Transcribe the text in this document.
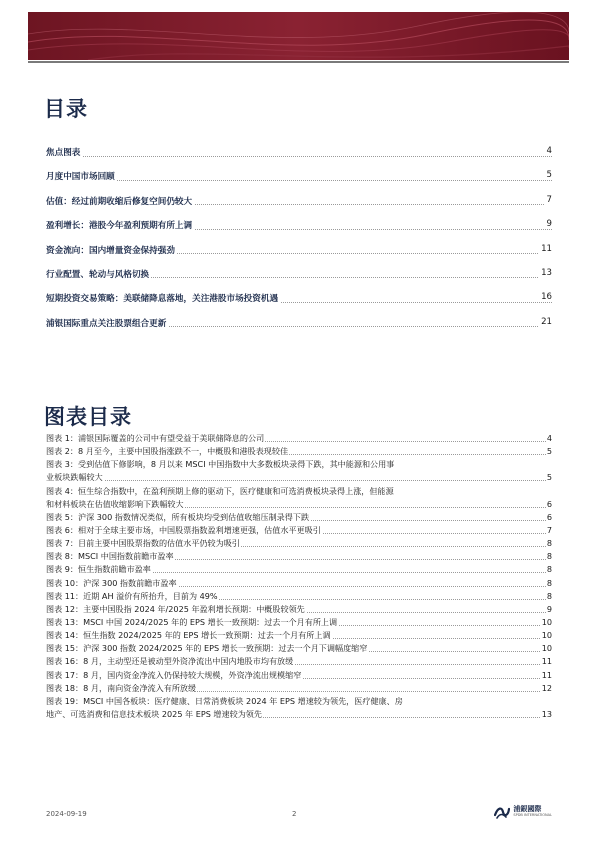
目录
焦点图表	4
月度中国市场回顾	5
估值：经过前期收缩后修复空间仍较大	7
盈利增长：港股今年盈利预期有所上调	9
资金流向：国内增量资金保持强劲	11
行业配置、轮动与风格切换	13
短期投资交易策略：美联储降息落地，关注港股市场投资机遇	16
浦银国际重点关注股票组合更新	21
图表目录
图表 1：浦银国际覆盖的公司中有望受益于美联储降息的公司	4
图表 2：8 月至今，主要中国股指涨跌不一，中概股和港股表现较佳	5
图表 3：受到估值下修影响，8 月以来 MSCI 中国指数中大多数板块录得下跌，其中能源和公用事
业板块跌幅较大	5
图表 4：恒生综合指数中，在盈利预期上修的驱动下，医疗健康和可选消费板块录得上涨，但能源
和材料板块在估值收缩影响下跌幅较大	6
图表 5：沪深 300 指数情况类似，所有板块均受到估值收缩压制录得下跌	6
图表 6：相对于全球主要市场，中国股票指数盈利增速更强，估值水平更吸引	7
图表 7：目前主要中国股票指数的估值水平仍较为吸引	8
图表 8：MSCI 中国指数前瞻市盈率	8
图表 9：恒生指数前瞻市盈率	8
图表 10：沪深 300 指数前瞻市盈率	8
图表 11：近期 AH 溢价有所抬升，目前为 49%	8
图表 12：主要中国股指 2024 年/2025 年盈利增长预期：中概股较领先	9
图表 13：MSCI 中国 2024/2025 年的 EPS 增长一致预期：过去一个月有所上调	10
图表 14：恒生指数 2024/2025 年的 EPS 增长一致预期：过去一个月有所上调	10
图表 15：沪深 300 指数 2024/2025 年的 EPS 增长一致预期：过去一个月下调幅度缩窄	10
图表 16：8 月，主动型还是被动型外资净流出中国内地股市均有放缓	11
图表 17：8 月，国内资金净流入仍保持较大规模，外资净流出规模缩窄	11
图表 18：8 月，南向资金净流入有所放缓	12
图表 19：MSCI 中国各板块：医疗健康、日常消费板块 2024 年 EPS 增速较为领先，医疗健康、房
地产、可选消费和信息技术板块 2025 年 EPS 增速较为领先	13
2024-09-19	2
浦銀國際
SPDB INTERNATIONAL
